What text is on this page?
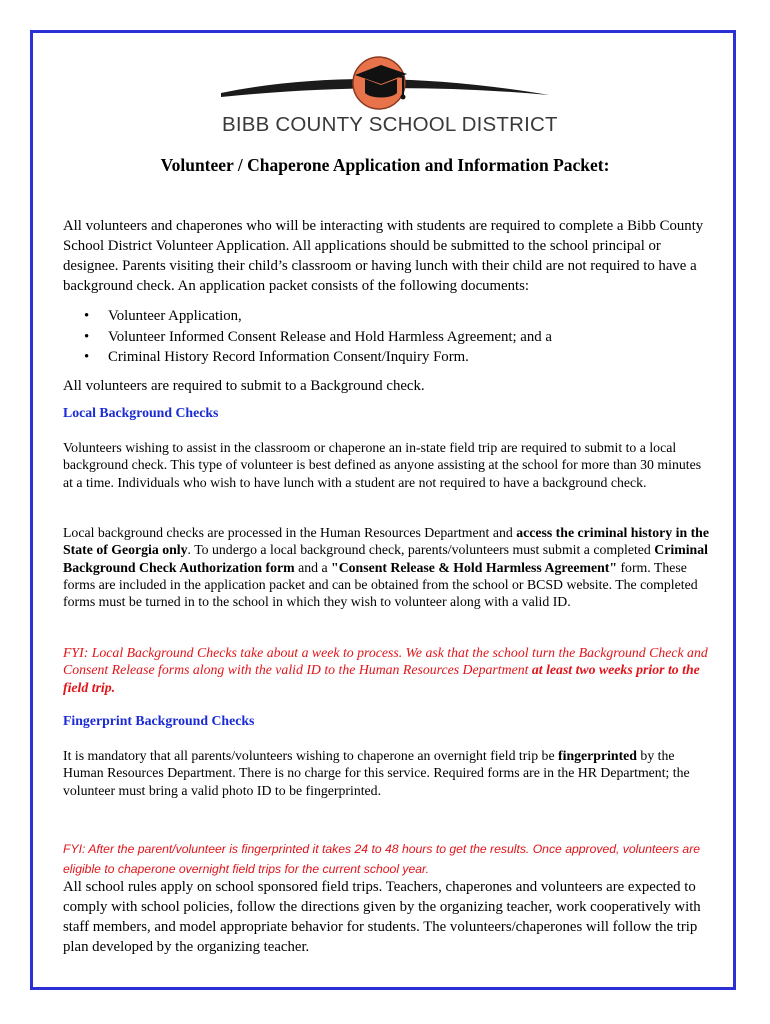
BIBB COUNTY SCHOOL DISTRICT
Volunteer / Chaperone Application and Information Packet:

All volunteers and chaperones who will be interacting with students are required to complete a Bibb County School District Volunteer Application. All applications should be submitted to the school principal or designee. Parents visiting their child’s classroom or having lunch with their child are not required to have a background check. An application packet consists of the following documents:

• Volunteer Application,
• Volunteer Informed Consent Release and Hold Harmless Agreement; and a
• Criminal History Record Information Consent/Inquiry Form.

All volunteers are required to submit to a Background check.

Local Background Checks

Volunteers wishing to assist in the classroom or chaperone an in-state field trip are required to submit to a local background check. This type of volunteer is best defined as anyone assisting at the school for more than 30 minutes at a time. Individuals who wish to have lunch with a student are not required to have a background check.

Local background checks are processed in the Human Resources Department and access the criminal history in the State of Georgia only. To undergo a local background check, parents/volunteers must submit a completed Criminal Background Check Authorization form and a "Consent Release & Hold Harmless Agreement" form. These forms are included in the application packet and can be obtained from the school or BCSD website. The completed forms must be turned in to the school in which they wish to volunteer along with a valid ID.

FYI: Local Background Checks take about a week to process. We ask that the school turn the Background Check and Consent Release forms along with the valid ID to the Human Resources Department at least two weeks prior to the field trip.

Fingerprint Background Checks

It is mandatory that all parents/volunteers wishing to chaperone an overnight field trip be fingerprinted by the Human Resources Department. There is no charge for this service. Required forms are in the HR Department; the volunteer must bring a valid photo ID to be fingerprinted.

FYI: After the parent/volunteer is fingerprinted it takes 24 to 48 hours to get the results. Once approved, volunteers are eligible to chaperone overnight field trips for the current school year.

All school rules apply on school sponsored field trips. Teachers, chaperones and volunteers are expected to comply with school policies, follow the directions given by the organizing teacher, work cooperatively with staff members, and model appropriate behavior for students. The volunteers/chaperones will follow the trip plan developed by the organizing teacher.
